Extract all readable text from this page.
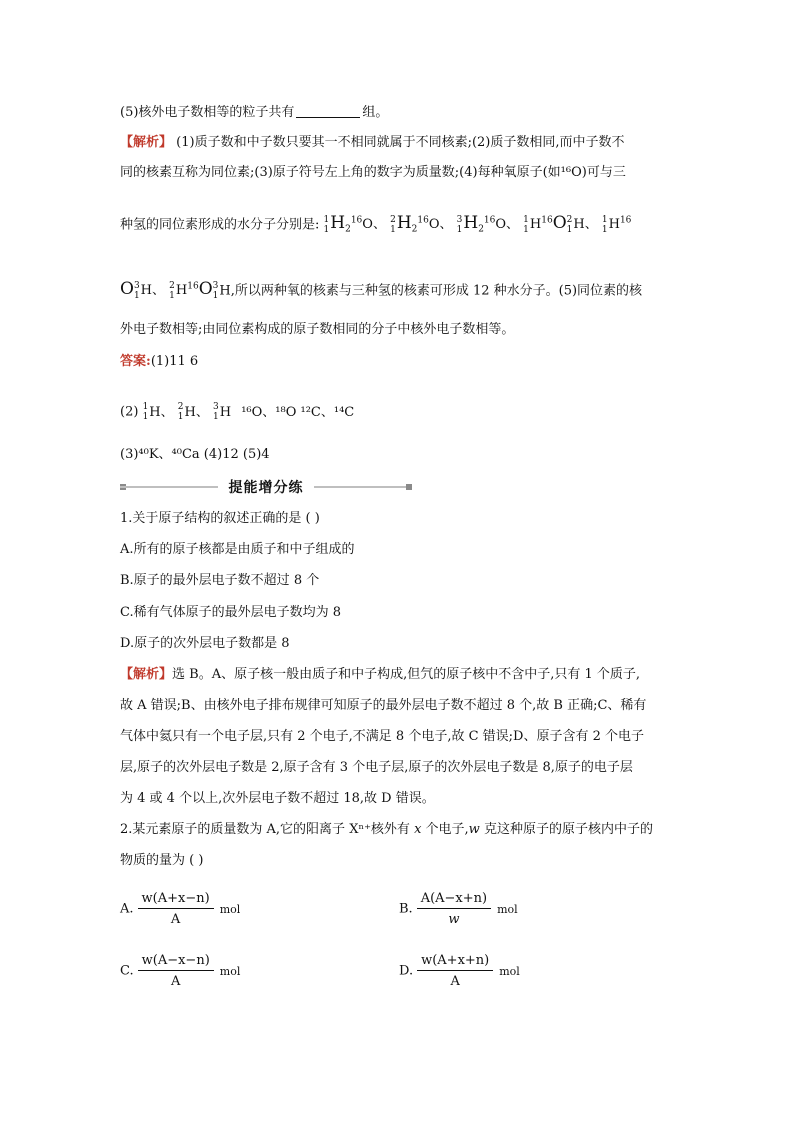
(5)核外电子数相等的粒子共有	组。
【解析】 (1)质子数和中子数只要其一不相同就属于不同核素;(2)质子数相同,而中子数不
同的核素互称为同位素;(3)原子符号左上角的数字为质量数;(4)每种氧原子(如¹⁶O)可与三
种氢的同位素形成的水分子分别是: 1
1 $H_2^{16}O$、 2
1 $H_2^{16}O$、 3
1 $H_2^{16}O$、 1
1 $H^{16}O$ 2
1 H、 1
1 $H^{16}$
O 3
1 H、 2
1 $H^{16}O$ 3
1 H,所以两种氧的核素与三种氢的核素可形成 12 种水分子。(5)同位素的核
外电子数相等;由同位素构成的原子数相同的分子中核外电子数相等。
答案:(1)11 6
(2) 1
1 H、 2
1 H、 3
1 H ¹⁶O、¹⁸O ¹²C、¹⁴C
(3)⁴⁰K、⁴⁰Ca (4)12 (5)4
提能增分练
1.关于原子结构的叙述正确的是 ( )
A.所有的原子核都是由质子和中子组成的
B.原子的最外层电子数不超过 8 个
C.稀有气体原子的最外层电子数均为 8
D.原子的次外层电子数都是 8
【解析】选 B。A、原子核一般由质子和中子构成,但氕的原子核中不含中子,只有 1 个质子,
故 A 错误;B、由核外电子排布规律可知原子的最外层电子数不超过 8 个,故 B 正确;C、稀有
气体中氦只有一个电子层,只有 2 个电子,不满足 8 个电子,故 C 错误;D、原子含有 2 个电子
层,原子的次外层电子数是 2,原子含有 3 个电子层,原子的次外层电子数是 8,原子的电子层
为 4 或 4 个以上,次外层电子数不超过 18,故 D 错误。
2.某元素原子的质量数为 A,它的阳离子 Xⁿ⁺核外有 x 个电子,w 克这种原子的原子核内中子的
物质的量为 ( )
A. $\frac{w(A+x-n)}{A}$ mol	B. $\frac{A(A-x+n)}{w}$ mol
C. $\frac{w(A-x-n)}{A}$ mol	D. $\frac{w(A+x+n)}{A}$ mol
